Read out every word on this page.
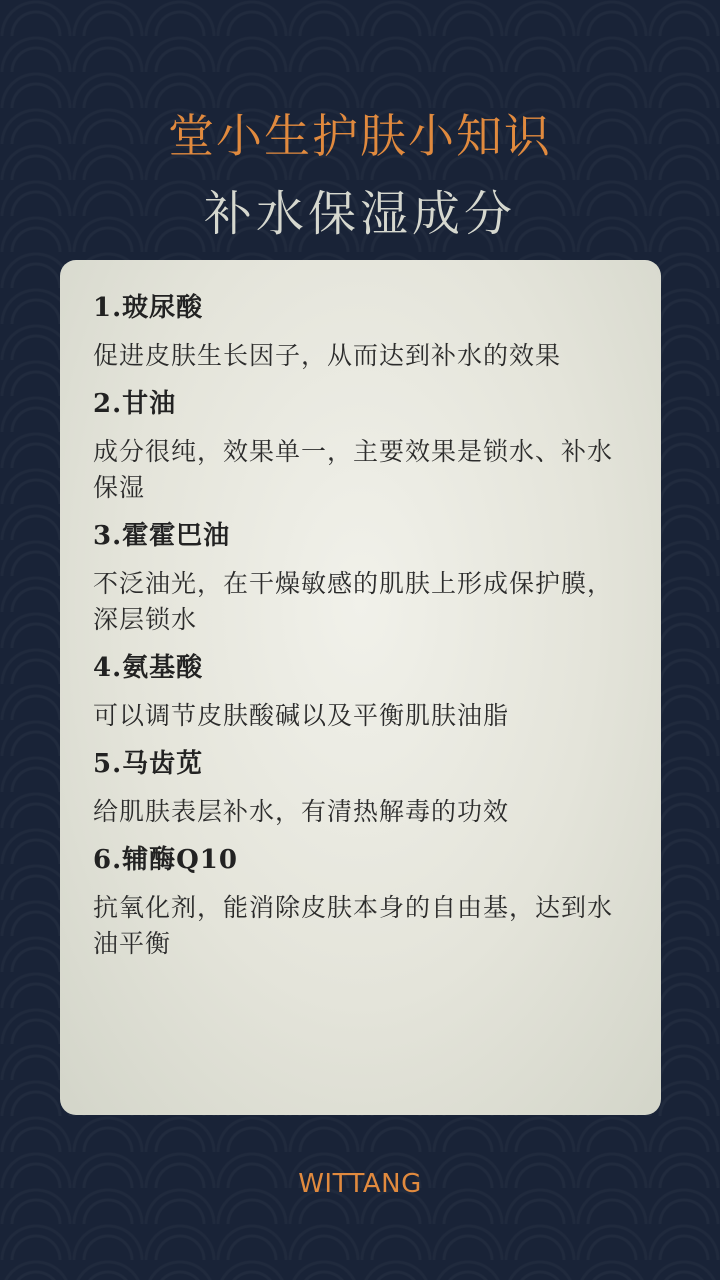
堂小生护肤小知识
补水保湿成分
1.玻尿酸
促进皮肤生长因子，从而达到补水的效果
2.甘油
成分很纯，效果单一，主要效果是锁水、补水保湿
3.霍霍巴油
不泛油光，在干燥敏感的肌肤上形成保护膜，深层锁水
4.氨基酸
可以调节皮肤酸碱以及平衡肌肤油脂
5.马齿苋
给肌肤表层补水，有清热解毒的功效
6.辅酶Q10
抗氧化剂，能消除皮肤本身的自由基，达到水油平衡
WITTANG
